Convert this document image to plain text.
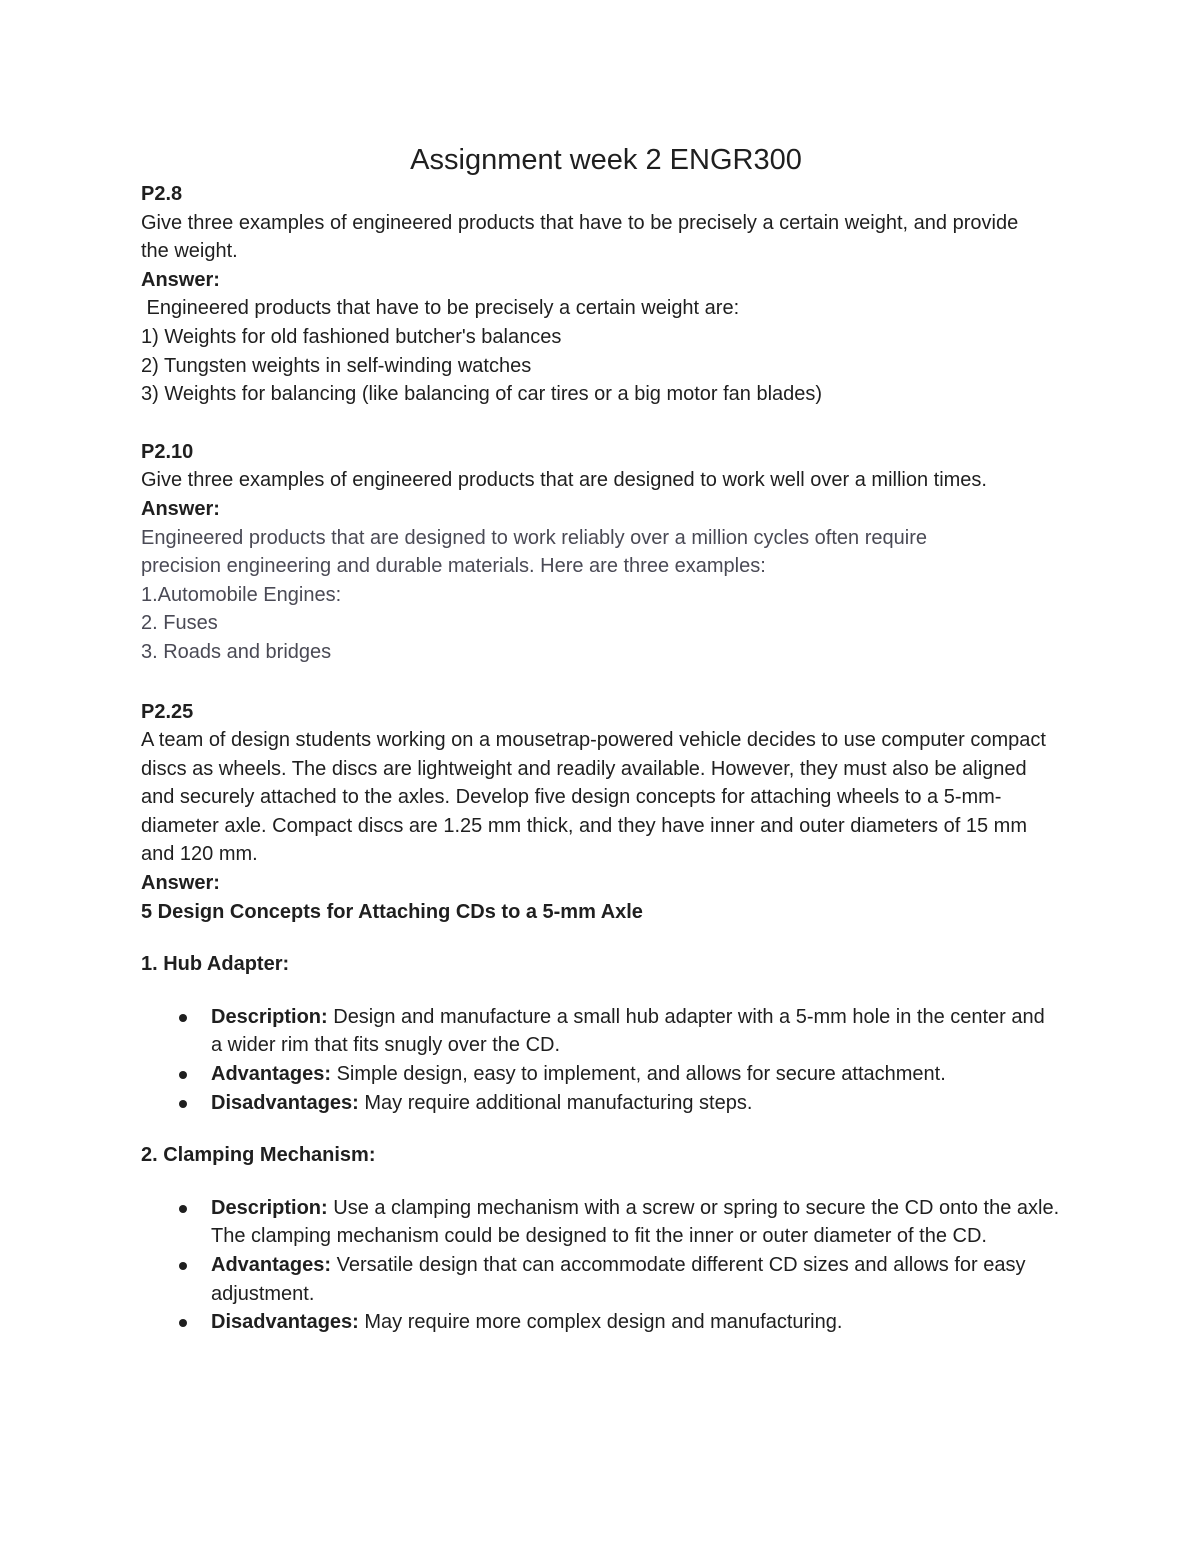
Assignment week 2 ENGR300

P2.8

Give three examples of engineered products that have to be precisely a certain weight, and provide the weight.

Answer:

Engineered products that have to be precisely a certain weight are:

1) Weights for old fashioned butcher's balances

2) Tungsten weights in self-winding watches

3) Weights for balancing (like balancing of car tires or a big motor fan blades)

P2.10

Give three examples of engineered products that are designed to work well over a million times.

Answer:

Engineered products that are designed to work reliably over a million cycles often require precision engineering and durable materials. Here are three examples:

1.Automobile Engines:

2. Fuses

3. Roads and bridges

P2.25

A team of design students working on a mousetrap-powered vehicle decides to use computer compact discs as wheels. The discs are lightweight and readily available. However, they must also be aligned and securely attached to the axles. Develop five design concepts for attaching wheels to a 5-mm-diameter axle. Compact discs are 1.25 mm thick, and they have inner and outer diameters of 15 mm and 120 mm.

Answer:

5 Design Concepts for Attaching CDs to a 5-mm Axle

1. Hub Adapter:

Description: Design and manufacture a small hub adapter with a 5-mm hole in the center and a wider rim that fits snugly over the CD.
Advantages: Simple design, easy to implement, and allows for secure attachment.
Disadvantages: May require additional manufacturing steps.

2. Clamping Mechanism:

Description: Use a clamping mechanism with a screw or spring to secure the CD onto the axle. The clamping mechanism could be designed to fit the inner or outer diameter of the CD.
Advantages: Versatile design that can accommodate different CD sizes and allows for easy adjustment.
Disadvantages: May require more complex design and manufacturing.
